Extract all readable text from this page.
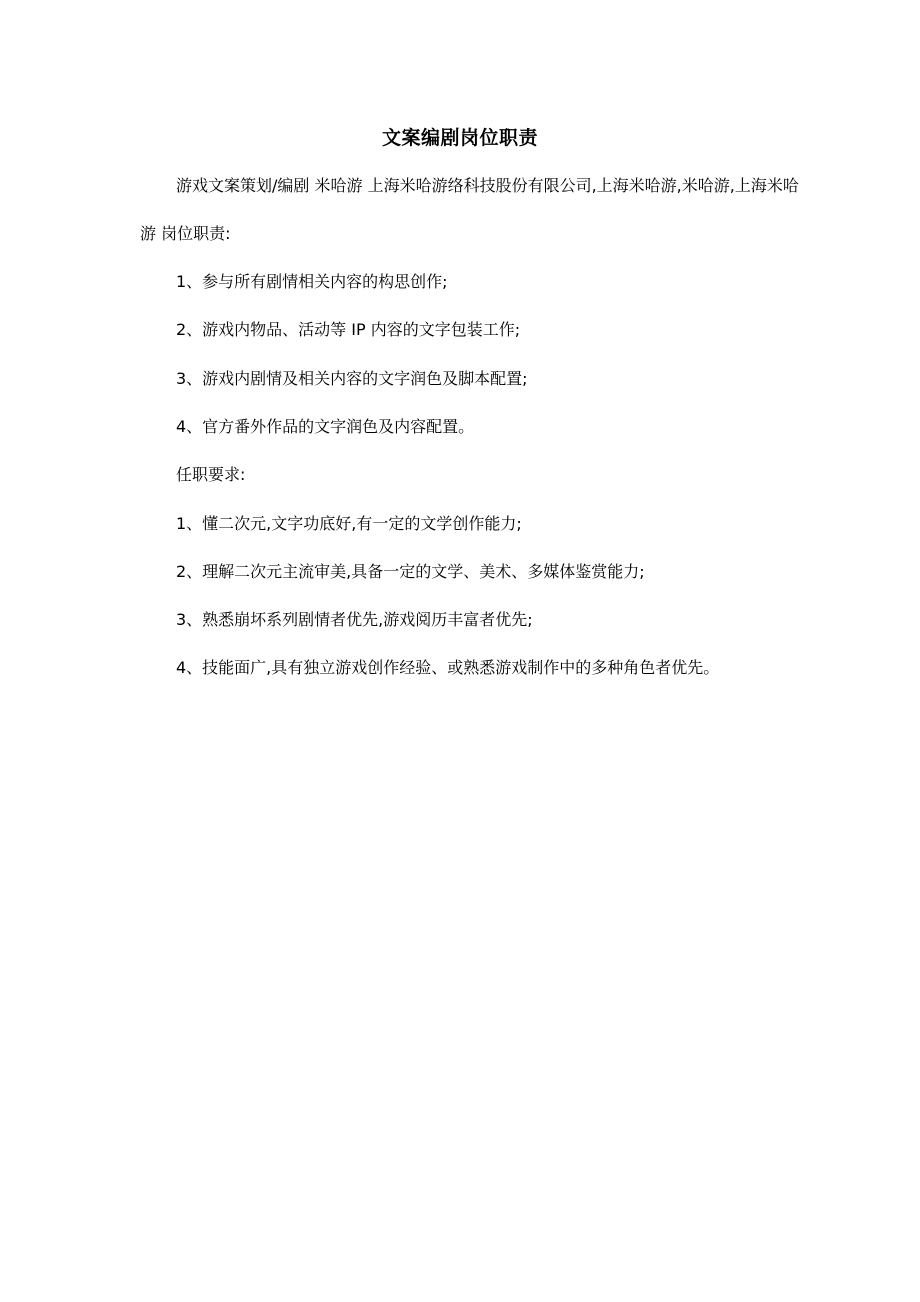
文案编剧岗位职责
游戏文案策划/编剧 米哈游 上海米哈游络科技股份有限公司,上海米哈游,米哈游,上海米哈游 岗位职责:
1、参与所有剧情相关内容的构思创作;
2、游戏内物品、活动等 IP 内容的文字包装工作;
3、游戏内剧情及相关内容的文字润色及脚本配置;
4、官方番外作品的文字润色及内容配置。
任职要求:
1、懂二次元,文字功底好,有一定的文学创作能力;
2、理解二次元主流审美,具备一定的文学、美术、多媒体鉴赏能力;
3、熟悉崩坏系列剧情者优先,游戏阅历丰富者优先;
4、技能面广,具有独立游戏创作经验、或熟悉游戏制作中的多种角色者优先。
